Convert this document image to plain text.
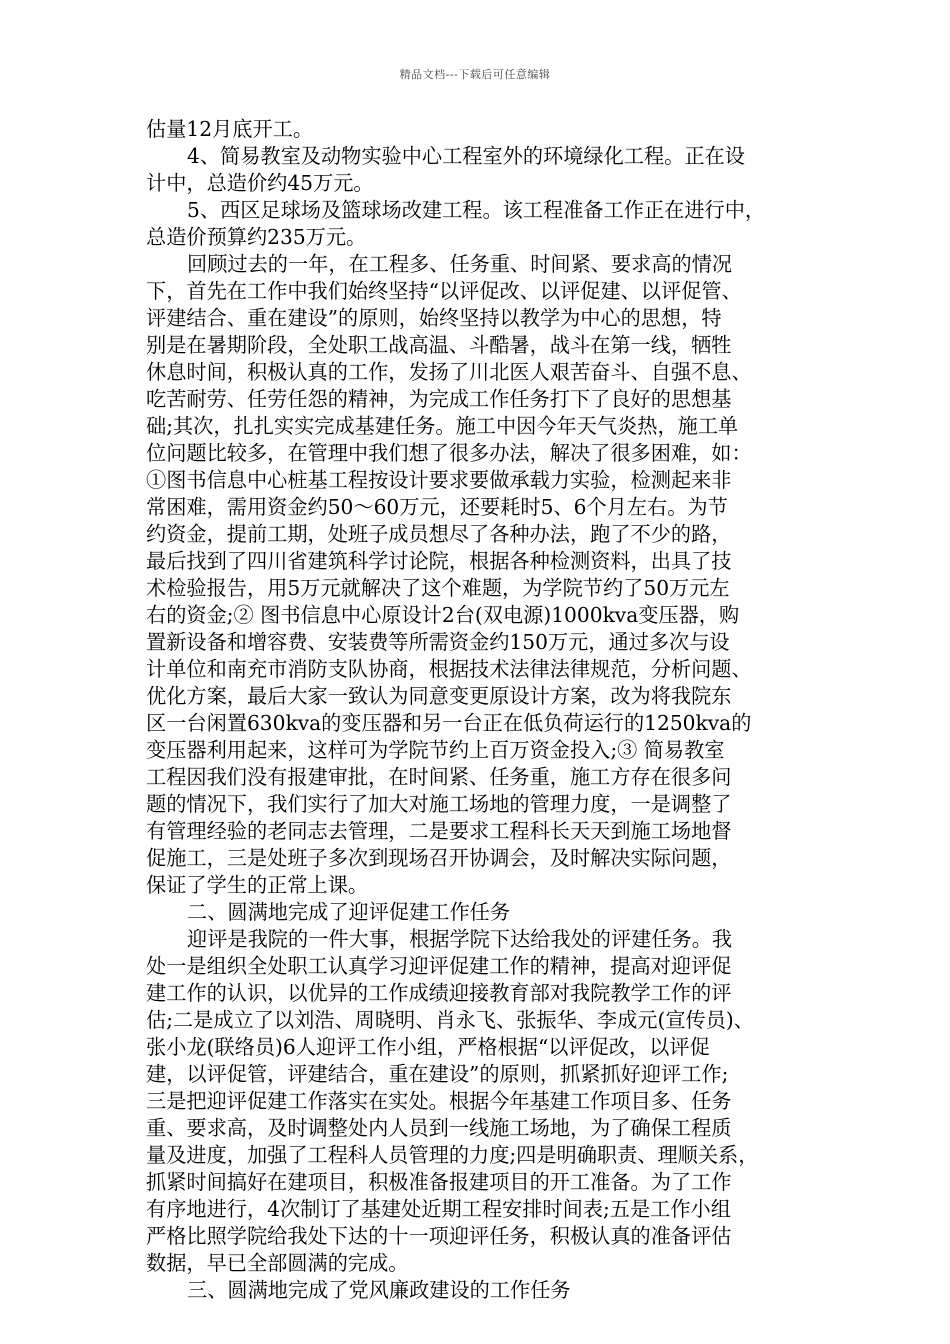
精品文档---下载后可任意编辑
估量12月底开工。
4、简易教室及动物实验中心工程室外的环境绿化工程。正在设
计中，总造价约45万元。
5、西区足球场及篮球场改建工程。该工程准备工作正在进行中，
总造价预算约235万元。
回顾过去的一年，在工程多、任务重、时间紧、要求高的情况
下，首先在工作中我们始终坚持“以评促改、以评促建、以评促管、
评建结合、重在建设”的原则，始终坚持以教学为中心的思想，特
别是在暑期阶段，全处职工战高温、斗酷暑，战斗在第一线，牺牲
休息时间，积极认真的工作，发扬了川北医人艰苦奋斗、自强不息、
吃苦耐劳、任劳任怨的精神，为完成工作任务打下了良好的思想基
础;其次，扎扎实实完成基建任务。施工中因今年天气炎热，施工单
位问题比较多，在管理中我们想了很多办法，解决了很多困难，如：
①图书信息中心桩基工程按设计要求要做承载力实验，检测起来非
常困难，需用资金约50～60万元，还要耗时5、6个月左右。为节
约资金，提前工期，处班子成员想尽了各种办法，跑了不少的路，
最后找到了四川省建筑科学讨论院，根据各种检测资料，出具了技
术检验报告，用5万元就解决了这个难题，为学院节约了50万元左
右的资金;② 图书信息中心原设计2台(双电源)1000kva变压器，购
置新设备和增容费、安装费等所需资金约150万元，通过多次与设
计单位和南充市消防支队协商，根据技术法律法律规范，分析问题、
优化方案，最后大家一致认为同意变更原设计方案，改为将我院东
区一台闲置630kva的变压器和另一台正在低负荷运行的1250kva的
变压器利用起来，这样可为学院节约上百万资金投入;③ 简易教室
工程因我们没有报建审批，在时间紧、任务重，施工方存在很多问
题的情况下，我们实行了加大对施工场地的管理力度，一是调整了
有管理经验的老同志去管理，二是要求工程科长天天到施工场地督
促施工，三是处班子多次到现场召开协调会，及时解决实际问题，
保证了学生的正常上课。
二、圆满地完成了迎评促建工作任务
迎评是我院的一件大事，根据学院下达给我处的评建任务。我
处一是组织全处职工认真学习迎评促建工作的精神，提高对迎评促
建工作的认识，以优异的工作成绩迎接教育部对我院教学工作的评
估;二是成立了以刘浩、周晓明、肖永飞、张振华、李成元(宣传员)、
张小龙(联络员)6人迎评工作小组，严格根据“以评促改，以评促
建，以评促管，评建结合，重在建设”的原则，抓紧抓好迎评工作;
三是把迎评促建工作落实在实处。根据今年基建工作项目多、任务
重、要求高，及时调整处内人员到一线施工场地，为了确保工程质
量及进度，加强了工程科人员管理的力度;四是明确职责、理顺关系，
抓紧时间搞好在建项目，积极准备报建项目的开工准备。为了工作
有序地进行，4次制订了基建处近期工程安排时间表;五是工作小组
严格比照学院给我处下达的十一项迎评任务，积极认真的准备评估
数据，早已全部圆满的完成。
三、圆满地完成了党风廉政建设的工作任务
